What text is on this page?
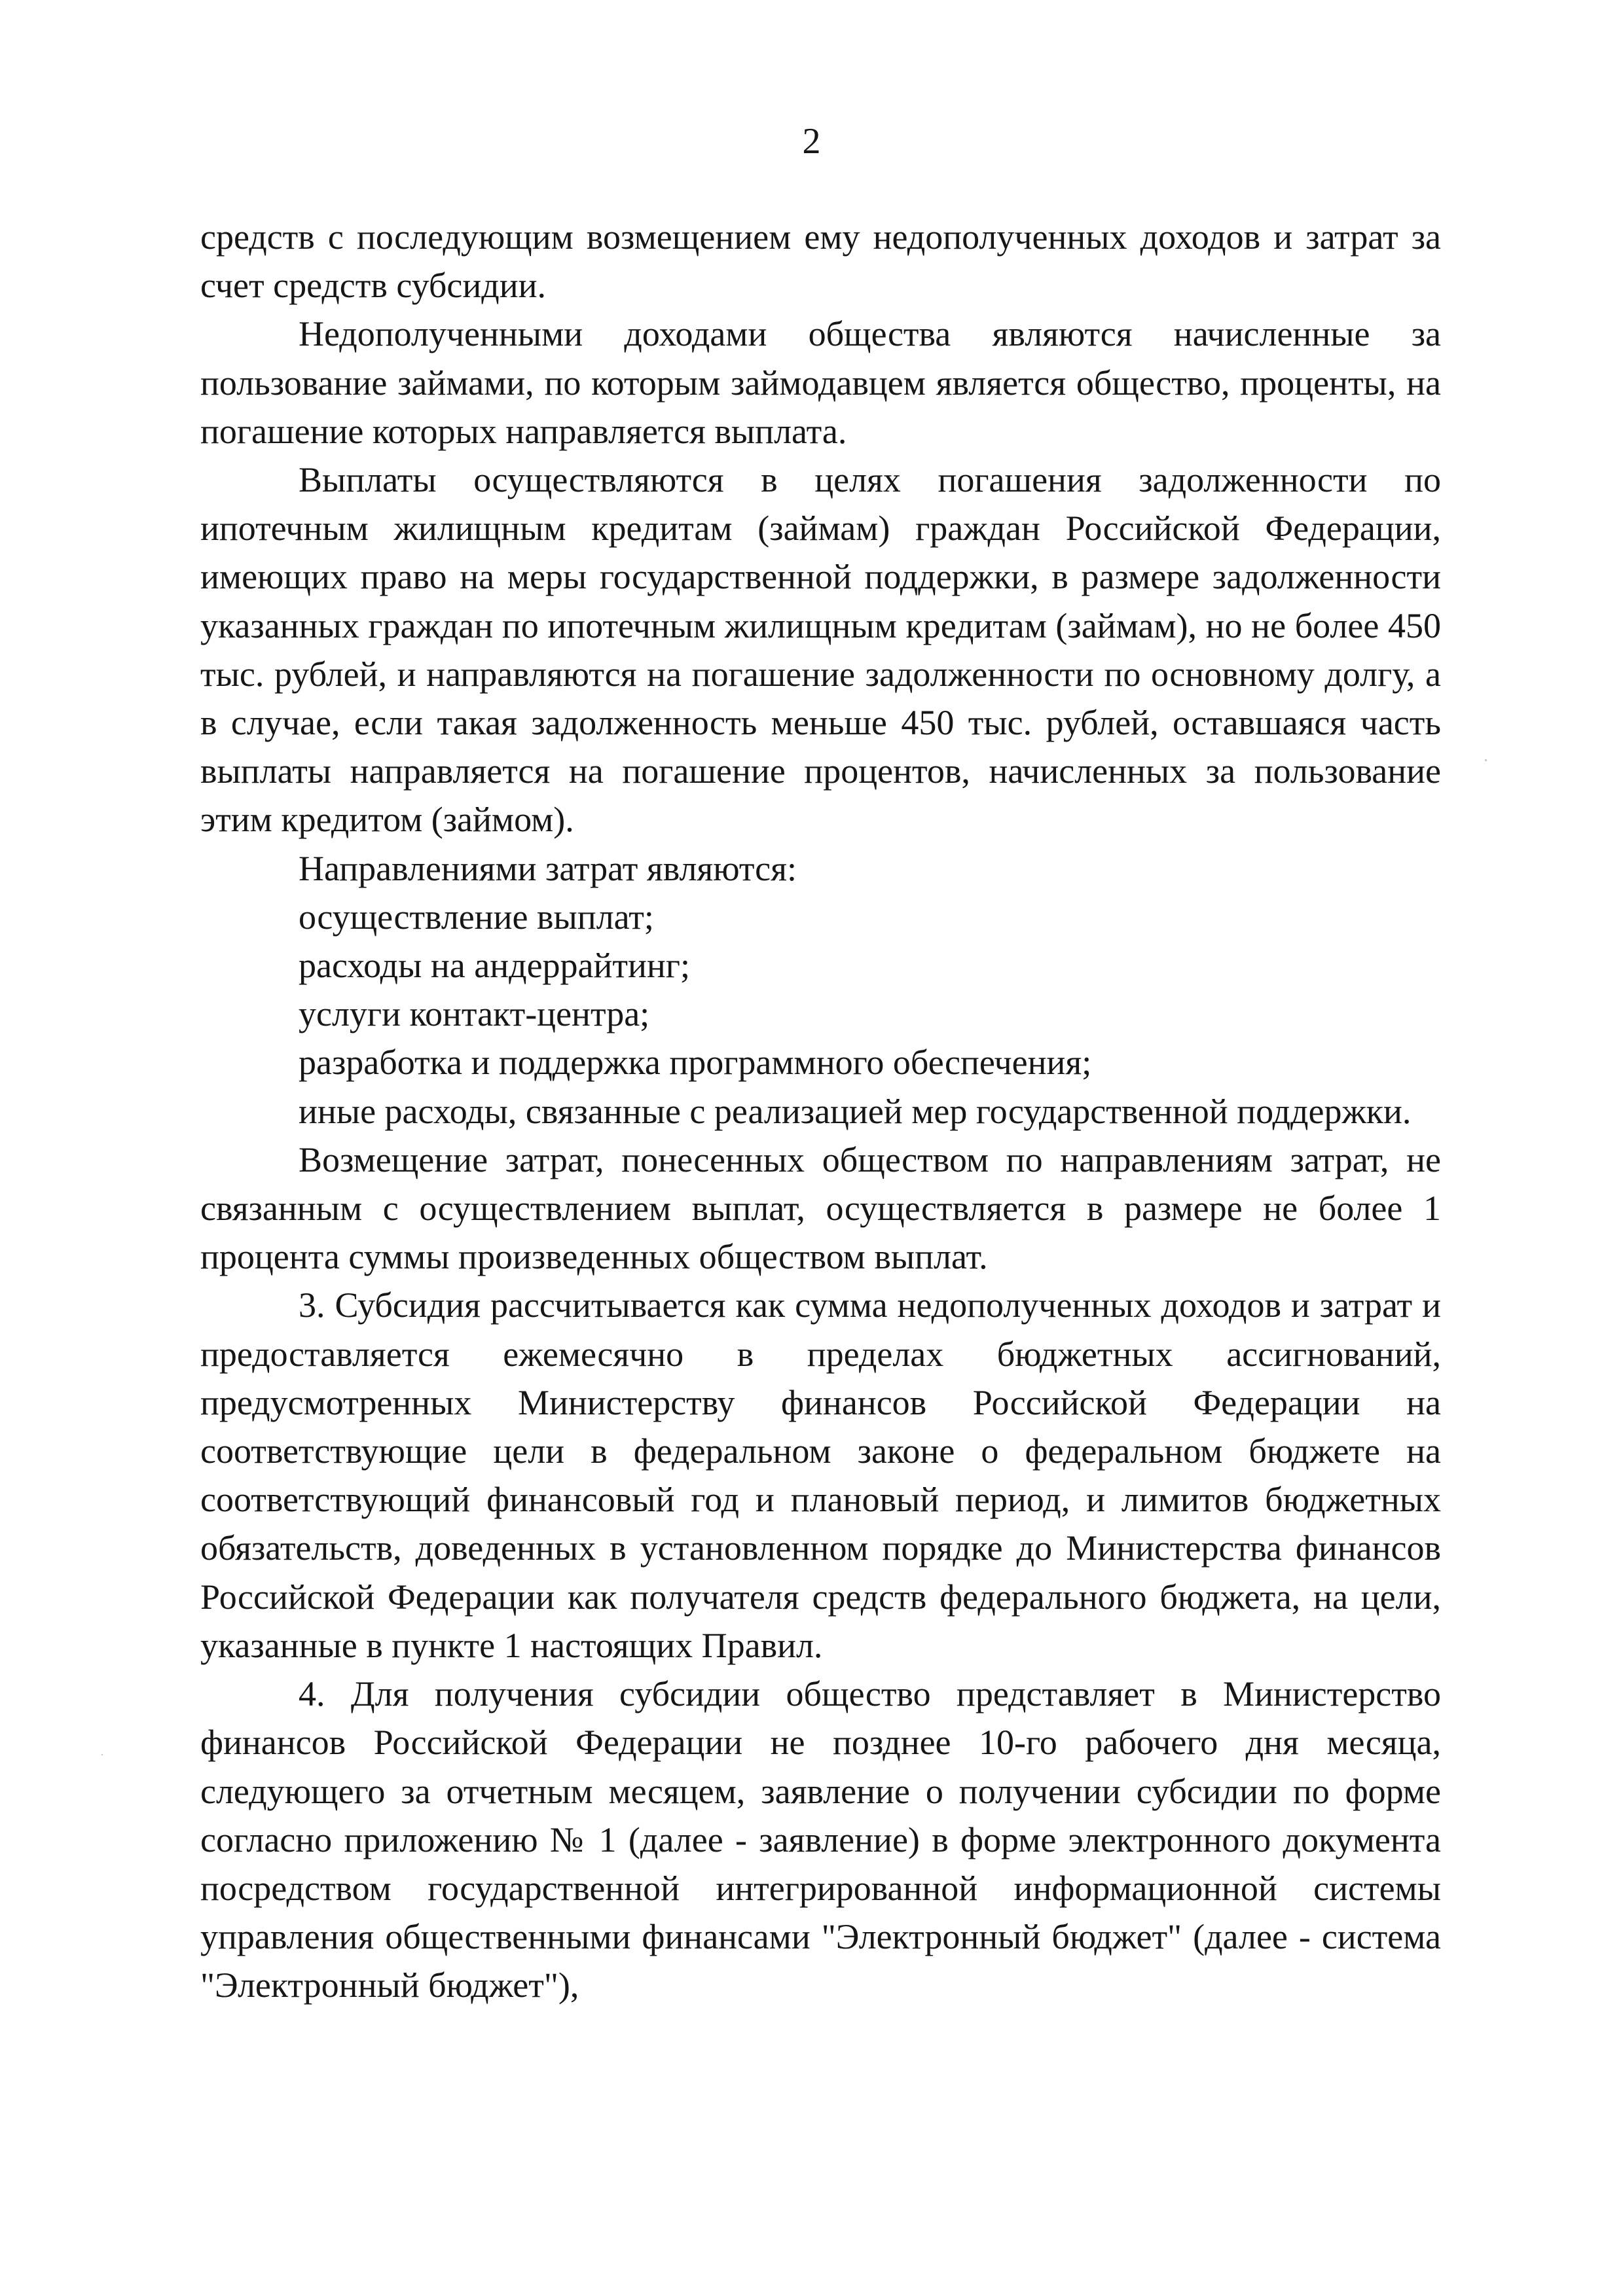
2

средств с последующим возмещением ему недополученных доходов и затрат за счет средств субсидии.

Недополученными доходами общества являются начисленные за пользование займами, по которым займодавцем является общество, проценты, на погашение которых направляется выплата.

Выплаты осуществляются в целях погашения задолженности по ипотечным жилищным кредитам (займам) граждан Российской Федерации, имеющих право на меры государственной поддержки, в размере задолженности указанных граждан по ипотечным жилищным кредитам (займам), но не более 450 тыс. рублей, и направляются на погашение задолженности по основному долгу, а в случае, если такая задолженность меньше 450 тыс. рублей, оставшаяся часть выплаты направляется на погашение процентов, начисленных за пользование этим кредитом (займом).

Направлениями затрат являются:

осуществление выплат;

расходы на андеррайтинг;

услуги контакт-центра;

разработка и поддержка программного обеспечения;

иные расходы, связанные с реализацией мер государственной поддержки.

Возмещение затрат, понесенных обществом по направлениям затрат, не связанным с осуществлением выплат, осуществляется в размере не более 1 процента суммы произведенных обществом выплат.

3. Субсидия рассчитывается как сумма недополученных доходов и затрат и предоставляется ежемесячно в пределах бюджетных ассигнований, предусмотренных Министерству финансов Российской Федерации на соответствующие цели в федеральном законе о федеральном бюджете на соответствующий финансовый год и плановый период, и лимитов бюджетных обязательств, доведенных в установленном порядке до Министерства финансов Российской Федерации как получателя средств федерального бюджета, на цели, указанные в пункте 1 настоящих Правил.

4. Для получения субсидии общество представляет в Министерство финансов Российской Федерации не позднее 10-го рабочего дня месяца, следующего за отчетным месяцем, заявление о получении субсидии по форме согласно приложению № 1 (далее - заявление) в форме электронного документа посредством государственной интегрированной информационной системы управления общественными финансами "Электронный бюджет" (далее - система "Электронный бюджет"),
